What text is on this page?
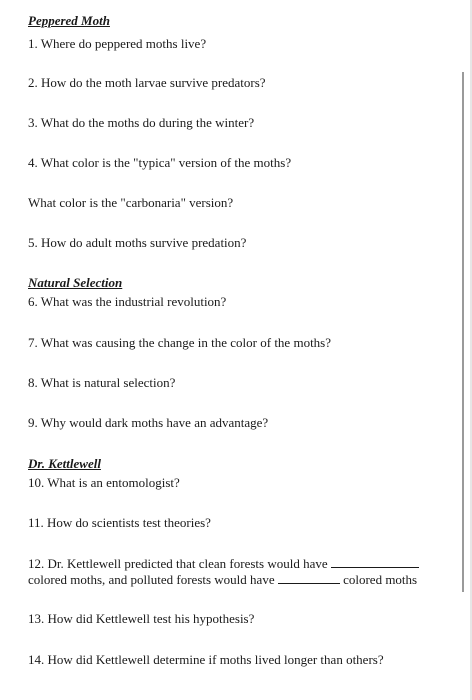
Peppered Moth
1. Where do peppered moths live?
2. How do the moth larvae survive predators?
3. What do the moths do during the winter?
4. What color is the "typica" version of the moths?
What color is the "carbonaria" version?
5. How do adult moths survive predation?
Natural Selection
6. What was the industrial revolution?
7. What was causing the change in the color of the moths?
8. What is natural selection?
9. Why would dark moths have an advantage?
Dr. Kettlewell
10. What is an entomologist?
11. How do scientists test theories?
12. Dr. Kettlewell predicted that clean forests would have
colored moths, and polluted forests would have	colored moths
13. How did Kettlewell test his hypothesis?
14. How did Kettlewell determine if moths lived longer than others?
